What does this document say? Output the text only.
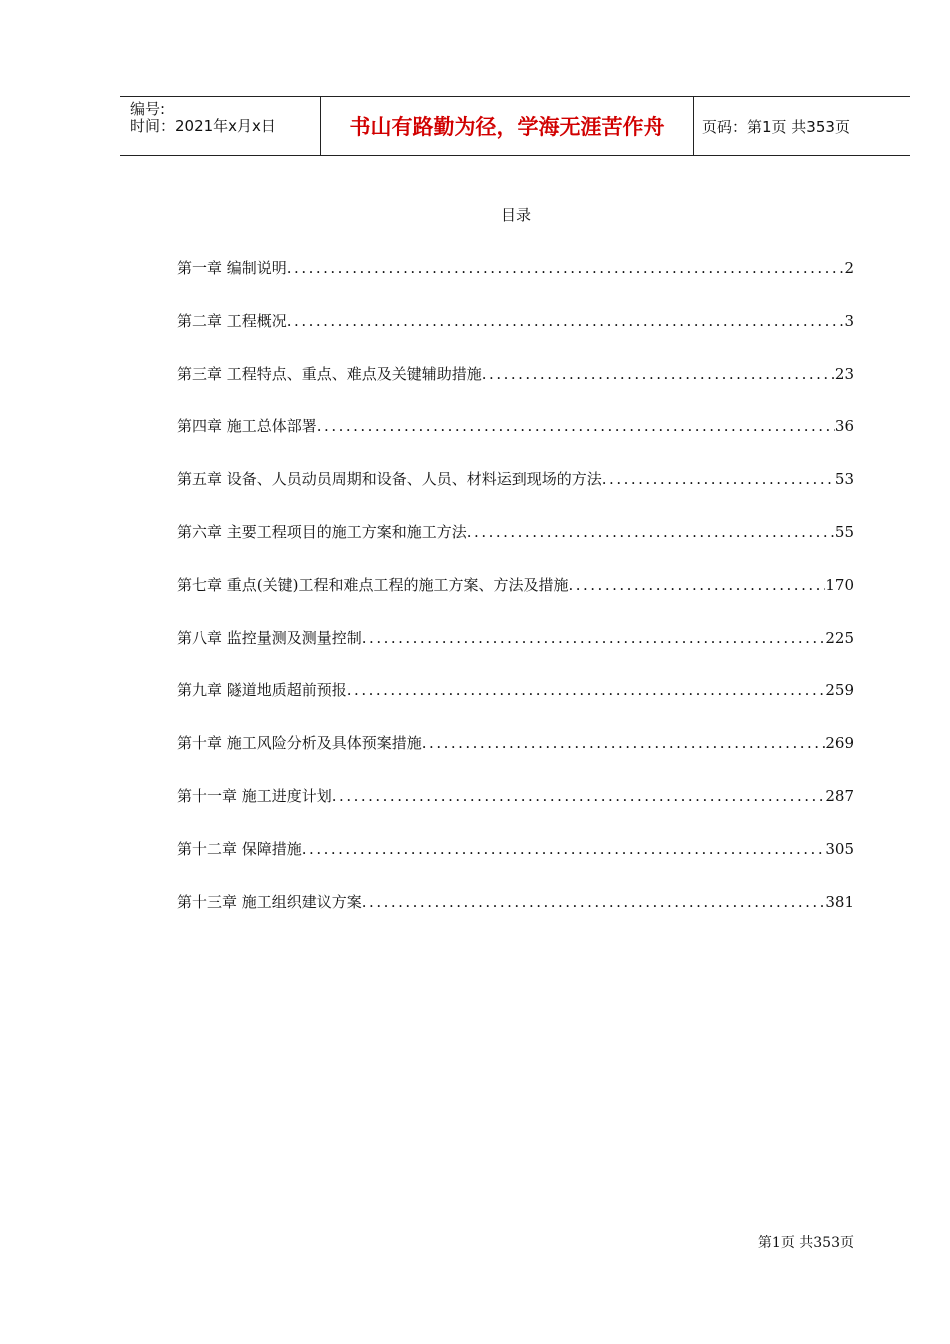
编号:
时间：2021年x月x日	书山有路勤为径，学海无涯苦作舟	页码：第1页 共353页
目录
第一章 编制说明 .....	2
第二章 工程概况 .....	3
第三章 工程特点、重点、难点及关键辅助措施 .....	23
第四章 施工总体部署 .....	36
第五章 设备、人员动员周期和设备、人员、材料运到现场的方法 .....	53
第六章 主要工程项目的施工方案和施工方法 .....	55
第七章 重点(关键)工程和难点工程的施工方案、方法及措施 .....	170
第八章 监控量测及测量控制 .....	225
第九章 隧道地质超前预报 .....	259
第十章 施工风险分析及具体预案措施 .....	269
第十一章 施工进度计划 .....	287
第十二章 保障措施 .....	305
第十三章 施工组织建议方案 .....	381
第1页 共353页
